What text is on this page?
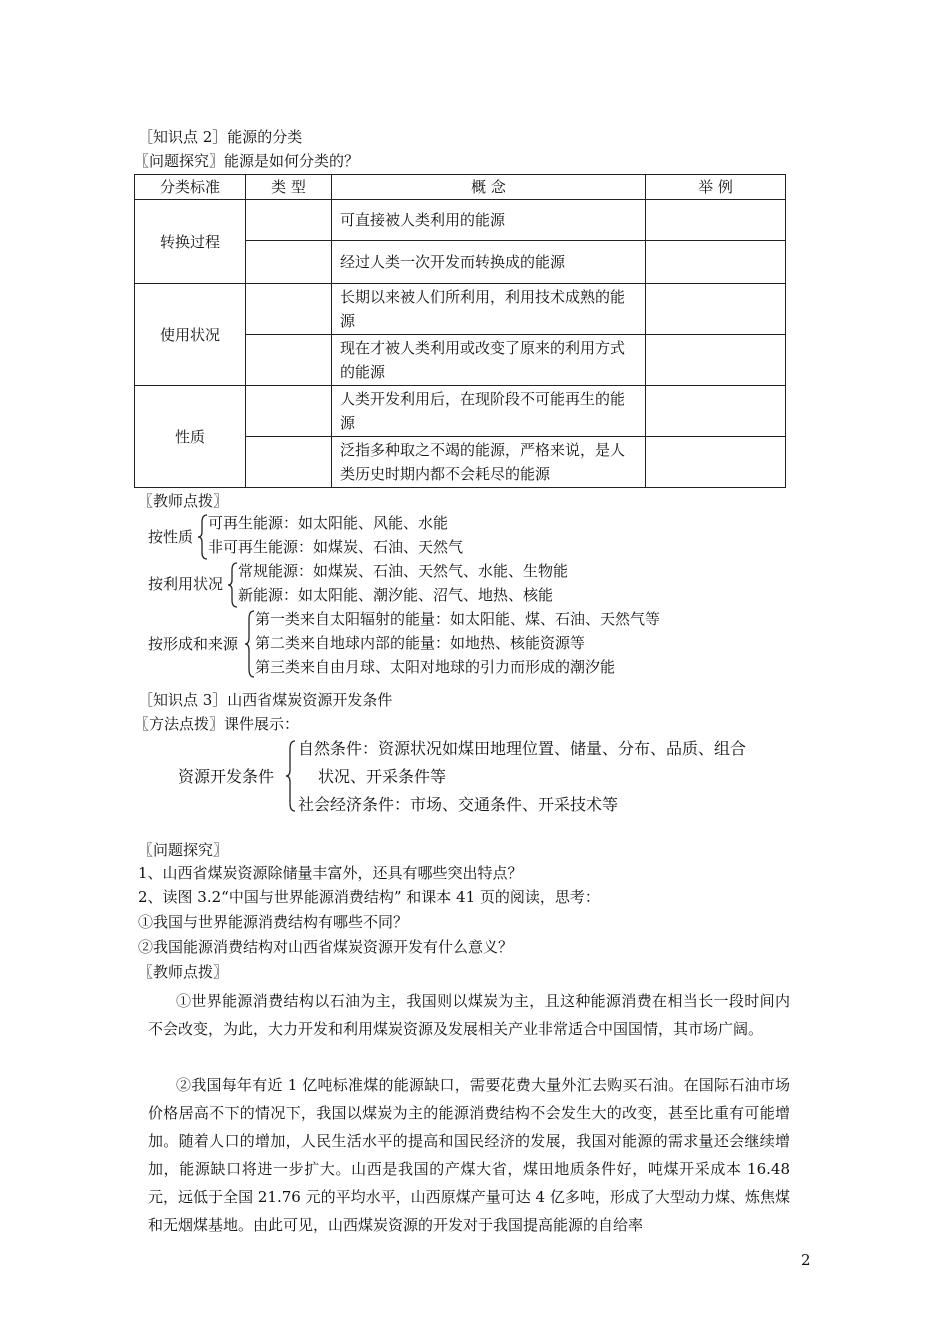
［知识点 2］能源的分类
〖问题探究〗能源是如何分类的？
分类标准	类 型	概 念	举 例
转换过程		可直接被人类利用的能源	
		经过人类一次开发而转换成的能源	
使用状况		长期以来被人们所利用，利用技术成熟的能源	
		现在才被人类利用或改变了原来的利用方式的能源	
性质		人类开发利用后，在现阶段不可能再生的能源	
		泛指多种取之不竭的能源，严格来说，是人类历史时期内都不会耗尽的能源	
〖教师点拨〗
按性质
可再生能源：如太阳能、风能、水能
非可再生能源：如煤炭、石油、天然气
按利用状况
常规能源：如煤炭、石油、天然气、水能、生物能
新能源：如太阳能、潮汐能、沼气、地热、核能
按形成和来源
第一类来自太阳辐射的能量：如太阳能、煤、石油、天然气等
第二类来自地球内部的能量：如地热、核能资源等
第三类来自由月球、太阳对地球的引力而形成的潮汐能
［知识点 3］山西省煤炭资源开发条件
〖方法点拨〗课件展示：
资源开发条件
自然条件：资源状况如煤田地理位置、储量、分布、品质、组合
状况、开采条件等
社会经济条件：市场、交通条件、开采技术等
〖问题探究〗
1、山西省煤炭资源除储量丰富外，还具有哪些突出特点？
2、读图 3.2“中国与世界能源消费结构” 和课本 41 页的阅读，思考：
①我国与世界能源消费结构有哪些不同？
②我国能源消费结构对山西省煤炭资源开发有什么意义？
〖教师点拨〗
①世界能源消费结构以石油为主，我国则以煤炭为主，且这种能源消费在相当长一段时间内不会改变，为此，大力开发和利用煤炭资源及发展相关产业非常适合中国国情，其市场广阔。
②我国每年有近 1 亿吨标准煤的能源缺口，需要花费大量外汇去购买石油。在国际石油市场价格居高不下的情况下，我国以煤炭为主的能源消费结构不会发生大的改变，甚至比重有可能增加。随着人口的增加，人民生活水平的提高和国民经济的发展，我国对能源的需求量还会继续增加，能源缺口将进一步扩大。山西是我国的产煤大省，煤田地质条件好，吨煤开采成本 16.48 元，远低于全国 21.76 元的平均水平，山西原煤产量可达 4 亿多吨，形成了大型动力煤、炼焦煤和无烟煤基地。由此可见，山西煤炭资源的开发对于我国提高能源的自给率
2
